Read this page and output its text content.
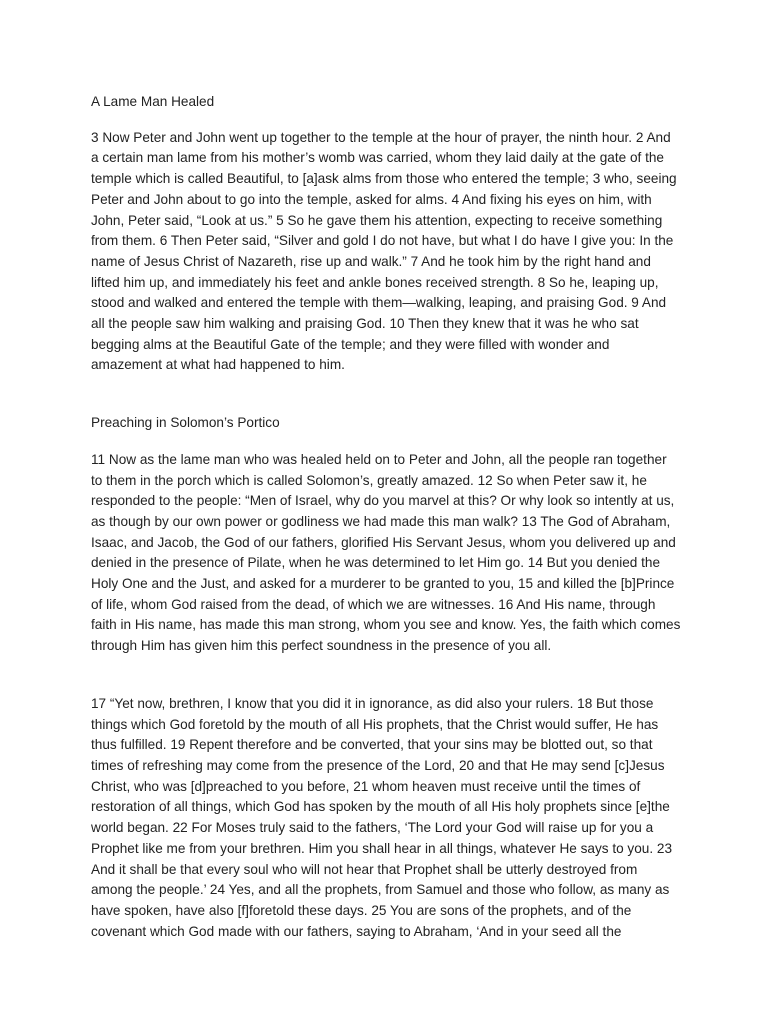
A Lame Man Healed

3 Now Peter and John went up together to the temple at the hour of prayer, the ninth hour. 2 And a certain man lame from his mother’s womb was carried, whom they laid daily at the gate of the temple which is called Beautiful, to [a]ask alms from those who entered the temple; 3 who, seeing Peter and John about to go into the temple, asked for alms. 4 And fixing his eyes on him, with John, Peter said, “Look at us.” 5 So he gave them his attention, expecting to receive something from them. 6 Then Peter said, “Silver and gold I do not have, but what I do have I give you: In the name of Jesus Christ of Nazareth, rise up and walk.” 7 And he took him by the right hand and lifted him up, and immediately his feet and ankle bones received strength. 8 So he, leaping up, stood and walked and entered the temple with them—walking, leaping, and praising God. 9 And all the people saw him walking and praising God. 10 Then they knew that it was he who sat begging alms at the Beautiful Gate of the temple; and they were filled with wonder and amazement at what had happened to him.

Preaching in Solomon’s Portico

11 Now as the lame man who was healed held on to Peter and John, all the people ran together to them in the porch which is called Solomon’s, greatly amazed. 12 So when Peter saw it, he responded to the people: “Men of Israel, why do you marvel at this? Or why look so intently at us, as though by our own power or godliness we had made this man walk? 13 The God of Abraham, Isaac, and Jacob, the God of our fathers, glorified His Servant Jesus, whom you delivered up and denied in the presence of Pilate, when he was determined to let Him go. 14 But you denied the Holy One and the Just, and asked for a murderer to be granted to you, 15 and killed the [b]Prince of life, whom God raised from the dead, of which we are witnesses. 16 And His name, through faith in His name, has made this man strong, whom you see and know. Yes, the faith which comes through Him has given him this perfect soundness in the presence of you all.

17 “Yet now, brethren, I know that you did it in ignorance, as did also your rulers. 18 But those things which God foretold by the mouth of all His prophets, that the Christ would suffer, He has thus fulfilled. 19 Repent therefore and be converted, that your sins may be blotted out, so that times of refreshing may come from the presence of the Lord, 20 and that He may send [c]Jesus Christ, who was [d]preached to you before, 21 whom heaven must receive until the times of restoration of all things, which God has spoken by the mouth of all His holy prophets since [e]the world began. 22 For Moses truly said to the fathers, ‘The Lord your God will raise up for you a Prophet like me from your brethren. Him you shall hear in all things, whatever He says to you. 23 And it shall be that every soul who will not hear that Prophet shall be utterly destroyed from among the people.’ 24 Yes, and all the prophets, from Samuel and those who follow, as many as have spoken, have also [f]foretold these days. 25 You are sons of the prophets, and of the covenant which God made with our fathers, saying to Abraham, ‘And in your seed all the
